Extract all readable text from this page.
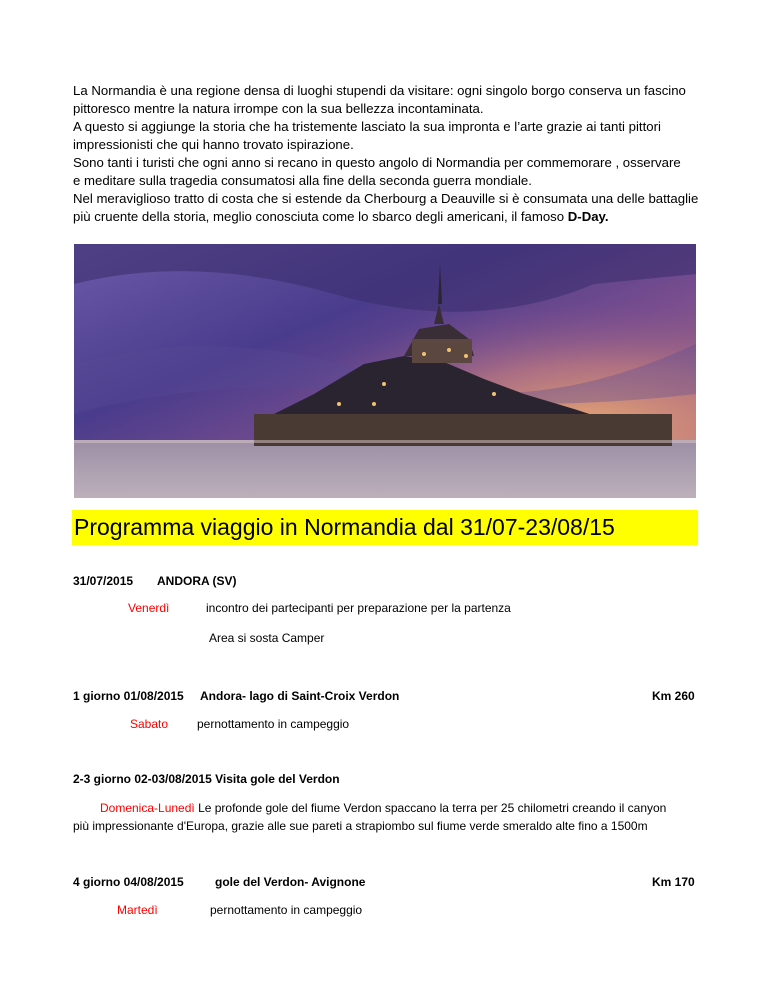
La Normandia è una regione densa di luoghi stupendi da visitare: ogni singolo borgo conserva un fascino

pittoresco mentre la natura irrompe con la sua bellezza incontaminata.

A questo si aggiunge la storia che ha tristemente lasciato la sua impronta e l’arte grazie ai tanti pittori

impressionisti che qui hanno trovato ispirazione.

Sono tanti i turisti che ogni anno si recano in questo angolo di Normandia per commemorare , osservare

e meditare sulla tragedia consumatosi alla fine della seconda guerra mondiale.

Nel meraviglioso tratto di costa che si estende da Cherbourg a Deauville si è consumata una delle battaglie

più cruente della storia, meglio conosciuta come lo sbarco degli americani, il famoso D-Day.

Programma viaggio in Normandia dal 31/07-23/08/15
31/07/2015 ANDORA (SV)
Venerdì	incontro dei partecipanti per preparazione per la partenza
Area si sosta Camper
1 giorno 01/08/2015 Andora- lago di Saint-Croix Verdon	Km 260
Sabato pernottamento in campeggio
2-3 giorno 02-03/08/2015 Visita gole del Verdon
Domenica-Lunedì Le profonde gole del fiume Verdon spaccano la terra per 25 chilometri creando il canyon
più impressionante d'Europa, grazie alle sue pareti a strapiombo sul fiume verde smeraldo alte fino a 1500m
4 giorno 04/08/2015	gole del Verdon- Avignone	Km 170
Martedì	pernottamento in campeggio
